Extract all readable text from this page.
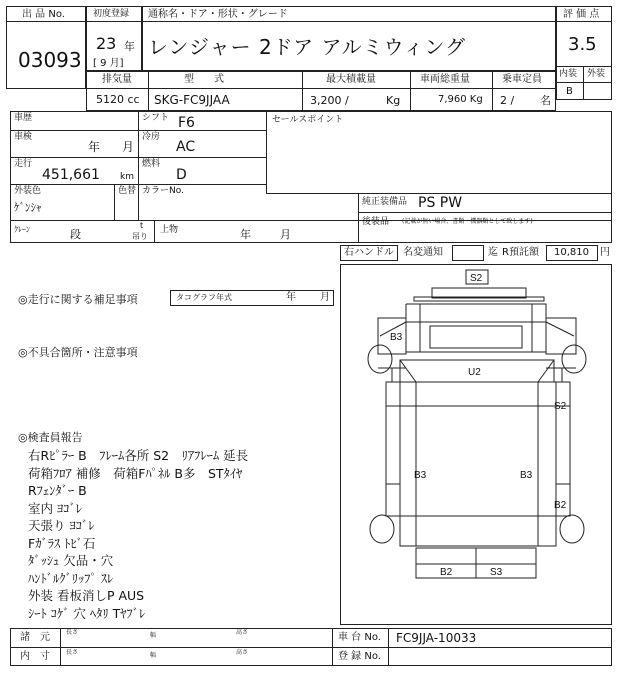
出 品 No.
03093
初度登録
23 年
[ 9 月]
通称名・ドア・形状・グレード
レンジャー 2ドア アルミウィング
評 価 点
3.5
内装 外装
B
排気量	型　　式	最大積載量	車両総重量	乗車定員
5120 cc SKG-FC9JJAA	3,200 /	Kg	7,960 Kg 2 / 名
車歴	シフト F6	セールスポイント
車検
年 月
冷房
AC
走行
451,661 km
燃料
D
外装色
ｹﾞﾝｼｬ
色替 カラーNo.
純正装備品 PS PW
後装品 (記載が無い場合、書類・機器類として致します)
ｸﾚｰﾝ	段
t
吊り
上物	年	月
右ハンドル 名変通知	迄 R預託額 10,810 円
◎走行に関する補足事項	タコグラフ年式	年 月
◎不具合箇所・注意事項
◎検査員報告
右Rﾋﾟﾗｰ B　ﾌﾚｰﾑ各所 S2　ﾘｱﾌﾚｰﾑ 延長
荷箱ﾌﾛｱ 補修　荷箱Fﾊﾟﾈﾙ B多　STﾀｲﾔ
Rﾌｪﾝﾀﾞｰ B
室内 ﾖｺﾞﾚ
天張り ﾖｺﾞﾚ
Fｶﾞﾗｽ ﾄﾋﾞ石
ﾀﾞｯｼｭ 欠品・穴
ﾊﾝﾄﾞﾙｸﾞﾘｯﾌﾟ ｽﾚ
外装 看板消しP AUS
ｼｰﾄ ｺｹﾞ 穴 ﾍﾀﾘ Tﾔﾌﾞﾚ
S2
B3
U2
S2
B3	B3
B2
B2	S3
諸　元
内　寸
長さ	幅	高さ
長さ	幅	高さ
車 台 No. FC9JJA-10033
登 録 No.
